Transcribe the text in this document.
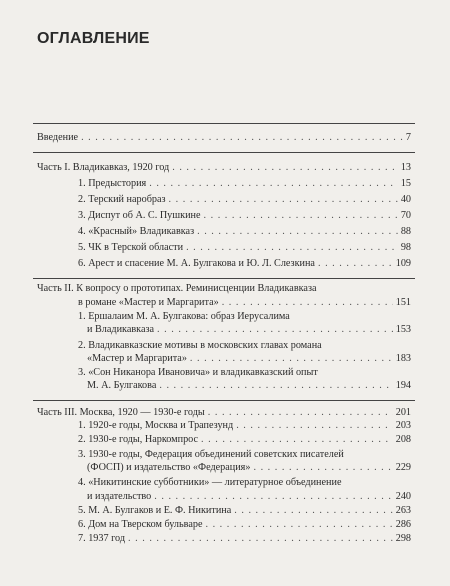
ОГЛАВЛЕНИЕ
Введение . . .	7
Часть I. Владикавказ, 1920 год . . .	13
1. Предыстория . . .	15
2. Терский наробраз . . .	40
3. Диспут об А. С. Пушкине . . .	70
4. «Красный» Владикавказ . . .	88
5. ЧК в Терской области . . .	98
6. Арест и спасение М. А. Булгакова и Ю. Л. Слезкина . . .	109
Часть II. К вопросу о прототипах. Реминисценции Владикавказа
в романе «Мастер и Маргарита» . . .	151
1. Ершалаим М. А. Булгакова: образ Иерусалима
и Владикавказа . . .	153
2. Владикавказские мотивы в московских главах романа
«Мастер и Маргарита» . . .	183
3. «Сон Никанора Ивановича» и владикавказский опыт
М. А. Булгакова . . .	194
Часть III. Москва, 1920 — 1930-е годы . . .	201
1. 1920-е годы, Москва и Трапезунд . . .	203
2. 1930-е годы, Наркомпрос . . .	208
3. 1930-е годы, Федерация объединений советских писателей
(ФОСП) и издательство «Федерация» . . .	229
4. «Никитинские субботники» — литературное объединение
и издательство . . .	240
5. М. А. Булгаков и Е. Ф. Никитина . . .	263
6. Дом на Тверском бульваре . . .	286
7. 1937 год . . .	298
